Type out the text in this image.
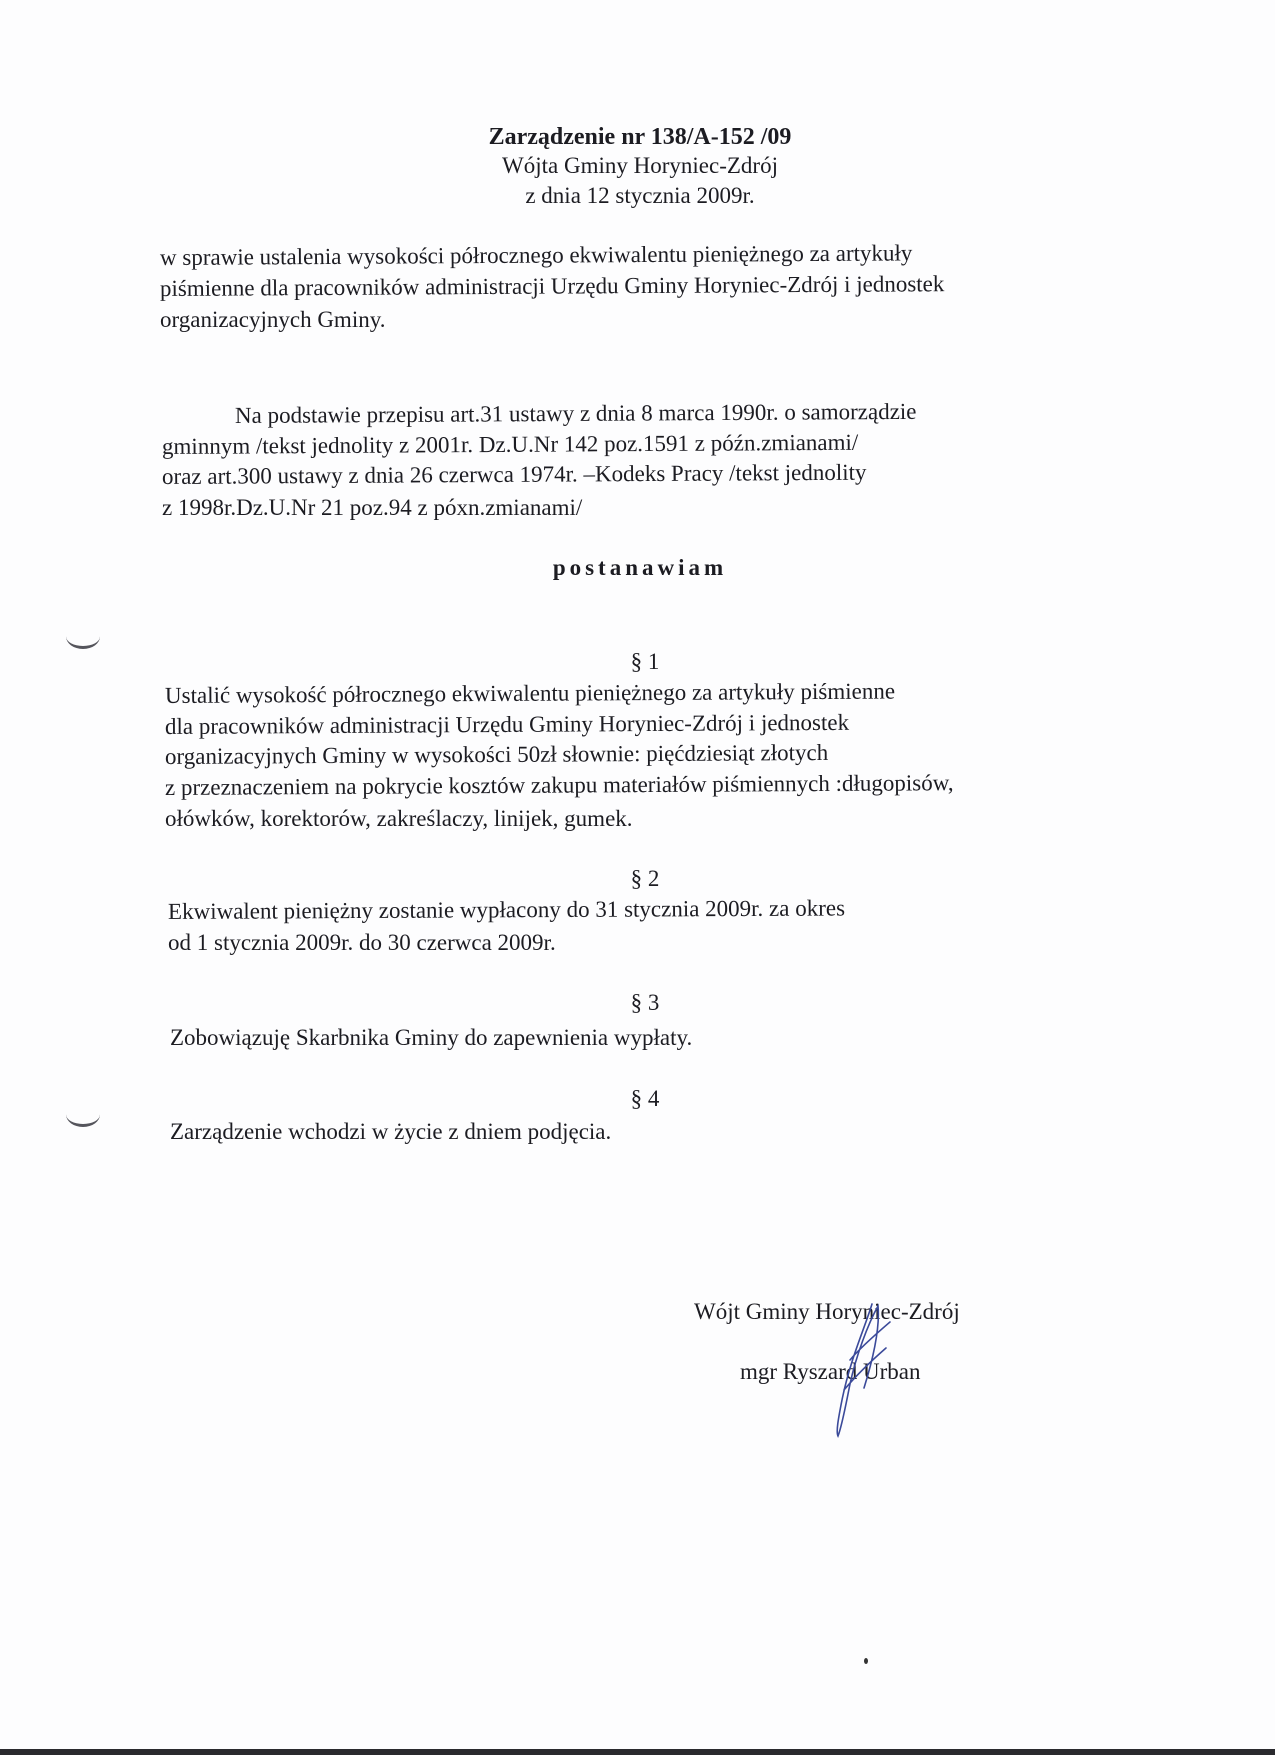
Zarządzenie nr 138/A-152 /09
Wójta Gminy Horyniec-Zdrój
z dnia 12 stycznia 2009r.
w sprawie ustalenia wysokości półrocznego ekwiwalentu pieniężnego za artykuły
piśmienne dla pracowników administracji Urzędu Gminy Horyniec-Zdrój i jednostek
organizacyjnych Gminy.
Na podstawie przepisu art.31 ustawy z dnia 8 marca 1990r. o samorządzie
gminnym /tekst jednolity z 2001r. Dz.U.Nr 142 poz.1591 z późn.zmianami/
oraz art.300 ustawy z dnia 26 czerwca 1974r. –Kodeks Pracy /tekst jednolity
z 1998r.Dz.U.Nr 21 poz.94 z póxn.zmianami/
postanawiam
§ 1
Ustalić wysokość półrocznego ekwiwalentu pieniężnego za artykuły piśmienne
dla pracowników administracji Urzędu Gminy Horyniec-Zdrój i jednostek
organizacyjnych Gminy w wysokości 50zł słownie: pięćdziesiąt złotych
z przeznaczeniem na pokrycie kosztów zakupu materiałów piśmiennych :długopisów,
ołówków, korektorów, zakreślaczy, linijek, gumek.
§ 2
Ekwiwalent pieniężny zostanie wypłacony do 31 stycznia 2009r. za okres
od 1 stycznia 2009r. do 30 czerwca 2009r.
§ 3
Zobowiązuję Skarbnika Gminy do zapewnienia wypłaty.
§ 4
Zarządzenie wchodzi w życie z dniem podjęcia.
Wójt Gminy Horyniec-Zdrój
mgr Ryszard Urban
